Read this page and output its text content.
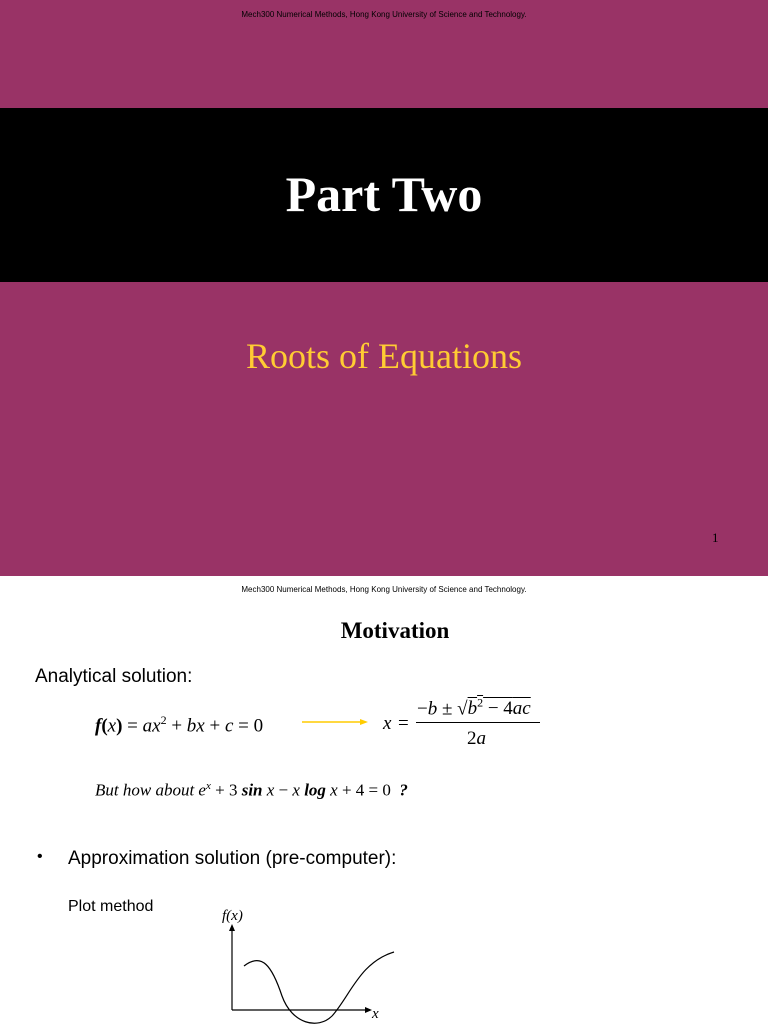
Mech300 Numerical Methods, Hong Kong University of Science and Technology.
Part Two
Roots of Equations
1
Mech300 Numerical Methods, Hong Kong University of Science and Technology.
Motivation
Analytical solution:
$f(x) = ax^2$ + bx + c = 0	x =
$-b \pm √b^2 - 4ac$
2a
But how about $e^x + 3$ sin x − x log x + 4 = 0  ?
• Approximation solution (pre-computer):
Plot method
f(x)
x
